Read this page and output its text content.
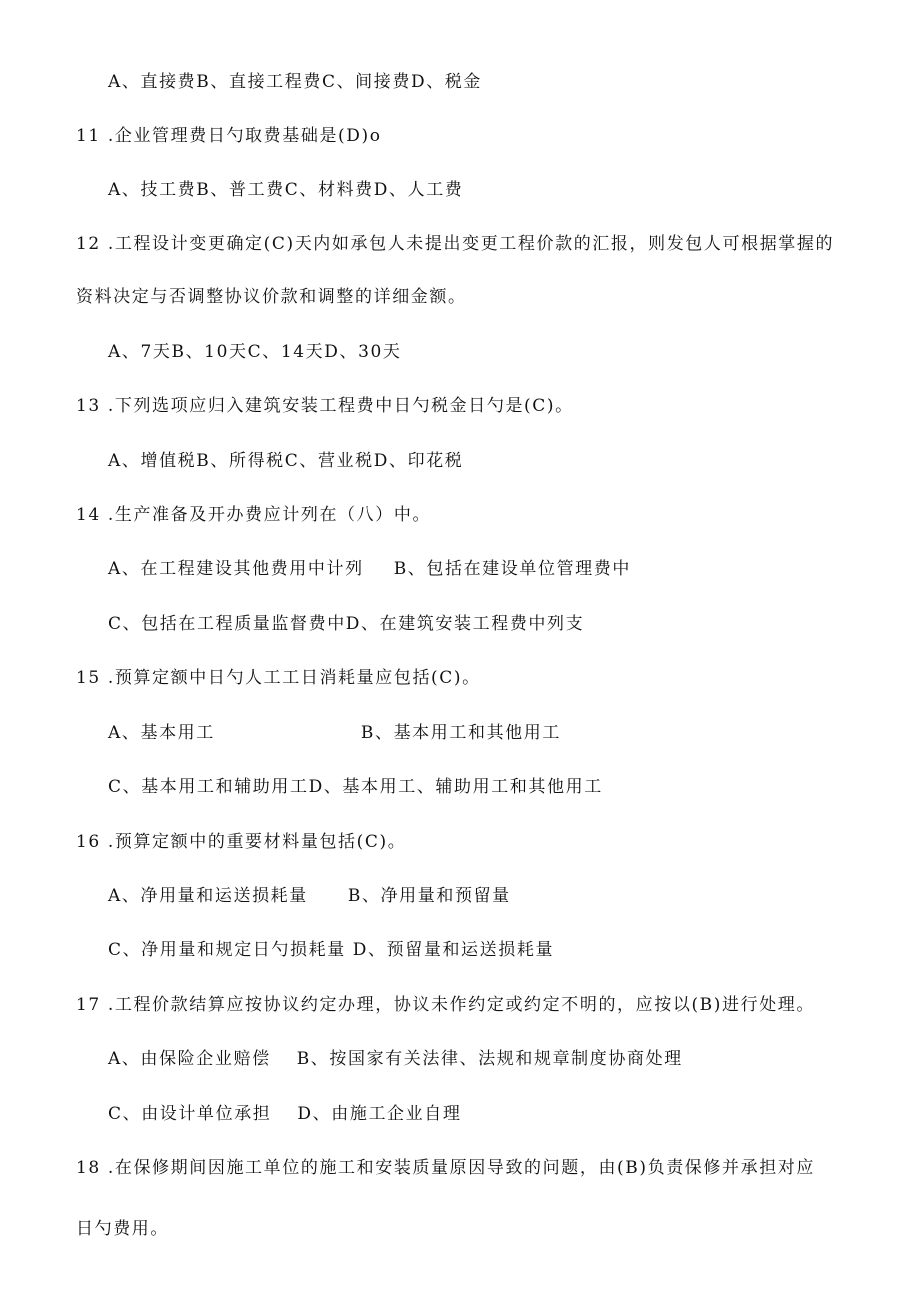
A、直接费B、直接工程费C、间接费D、税金
11 .企业管理费日勺取费基础是(D)o
A、技工费B、普工费C、材料费D、人工费
12 .工程设计变更确定(C)天内如承包人未提出变更工程价款的汇报，则发包人可根据掌握的
资料决定与否调整协议价款和调整的详细金额。
A、7天B、10天C、14天D、30天
13 .下列选项应归入建筑安装工程费中日勺税金日勺是(C)。
A、增值税B、所得税C、营业税D、印花税
14 .生产准备及开办费应计列在（八）中。
A、在工程建设其他费用中计列 B、包括在建设单位管理费中
C、包括在工程质量监督费中D、在建筑安装工程费中列支
15 .预算定额中日勺人工工日消耗量应包括(C)。
A、基本用工	B、基本用工和其他用工
C、基本用工和辅助用工D、基本用工、辅助用工和其他用工
16 .预算定额中的重要材料量包括(C)。
A、净用量和运送损耗量 B、净用量和预留量
C、净用量和规定日勺损耗量 D、预留量和运送损耗量
17 .工程价款结算应按协议约定办理，协议未作约定或约定不明的，应按以(B)进行处理。
A、由保险企业赔偿 B、按国家有关法律、法规和规章制度协商处理
C、由设计单位承担 D、由施工企业自理
18 .在保修期间因施工单位的施工和安装质量原因导致的问题，由(B)负责保修并承担对应
日勺费用。
